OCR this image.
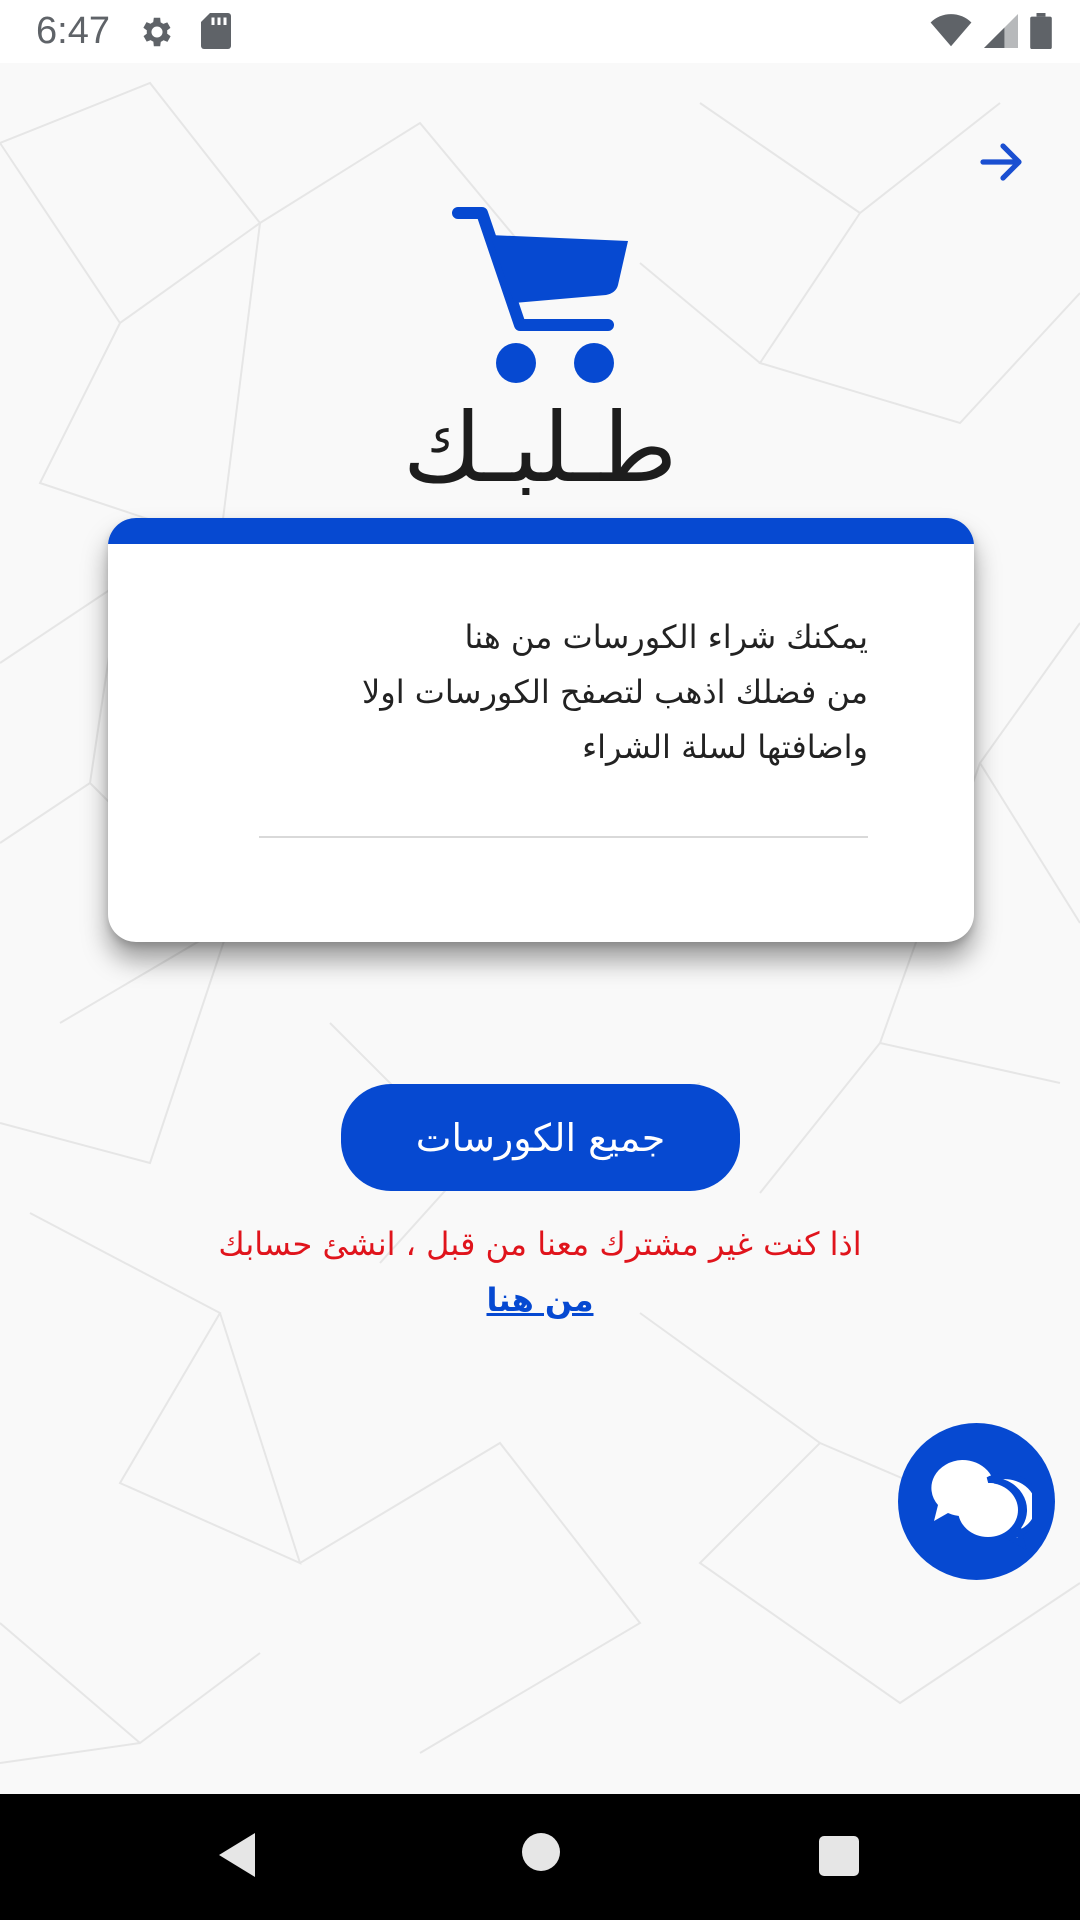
6:47
طـلبـك
يمكنك شراء الكورسات من هنا
من فضلك اذهب لتصفح الكورسات اولا
واضافتها لسلة الشراء
جميع الكورسات
اذا كنت غير مشترك معنا من قبل ، انشئ حسابك
من هنا
